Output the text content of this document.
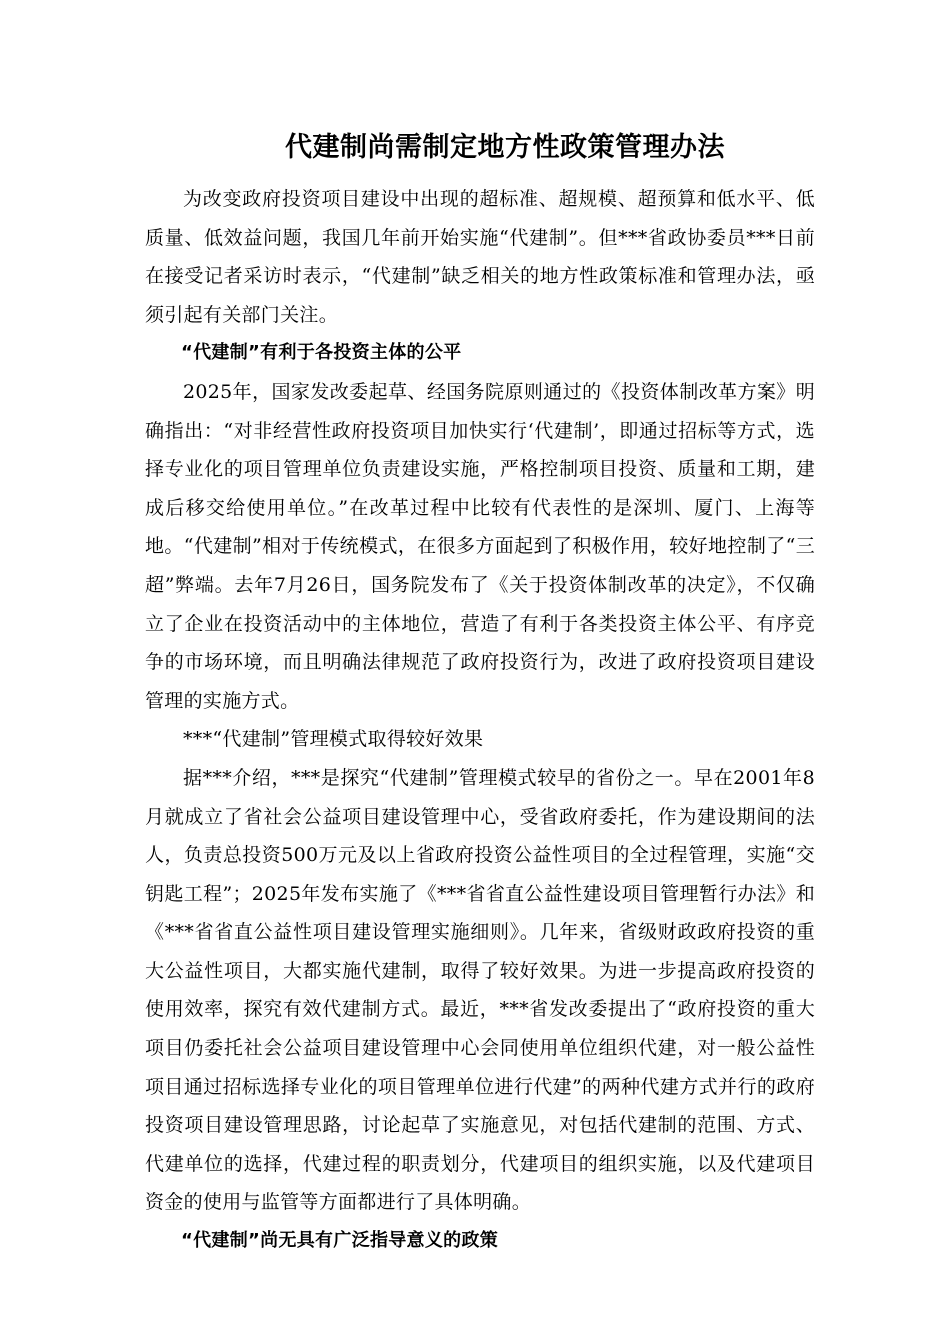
代建制尚需制定地方性政策管理办法

为改变政府投资项目建设中出现的超标准、超规模、超预算和低水平、低质量、低效益问题，我国几年前开始实施“代建制”。但***省政协委员***日前在接受记者采访时表示，“代建制”缺乏相关的地方性政策标准和管理办法，亟须引起有关部门关注。

“代建制”有利于各投资主体的公平

2025年，国家发改委起草、经国务院原则通过的《投资体制改革方案》明确指出：“对非经营性政府投资项目加快实行‘代建制’，即通过招标等方式，选择专业化的项目管理单位负责建设实施，严格控制项目投资、质量和工期，建成后移交给使用单位。”在改革过程中比较有代表性的是深圳、厦门、上海等地。“代建制”相对于传统模式，在很多方面起到了积极作用，较好地控制了“三超”弊端。去年7月26日，国务院发布了《关于投资体制改革的决定》，不仅确立了企业在投资活动中的主体地位，营造了有利于各类投资主体公平、有序竞争的市场环境，而且明确法律规范了政府投资行为，改进了政府投资项目建设管理的实施方式。

***“代建制”管理模式取得较好效果

据***介绍，***是探究“代建制”管理模式较早的省份之一。早在2001年8月就成立了省社会公益项目建设管理中心，受省政府委托，作为建设期间的法人，负责总投资500万元及以上省政府投资公益性项目的全过程管理，实施“交钥匙工程”；2025年发布实施了《***省省直公益性建设项目管理暂行办法》和《***省省直公益性项目建设管理实施细则》。几年来，省级财政政府投资的重大公益性项目，大都实施代建制，取得了较好效果。为进一步提高政府投资的使用效率，探究有效代建制方式。最近，***省发改委提出了“政府投资的重大项目仍委托社会公益项目建设管理中心会同使用单位组织代建，对一般公益性项目通过招标选择专业化的项目管理单位进行代建”的两种代建方式并行的政府投资项目建设管理思路，讨论起草了实施意见，对包括代建制的范围、方式、代建单位的选择，代建过程的职责划分，代建项目的组织实施，以及代建项目资金的使用与监管等方面都进行了具体明确。

“代建制”尚无具有广泛指导意义的政策
